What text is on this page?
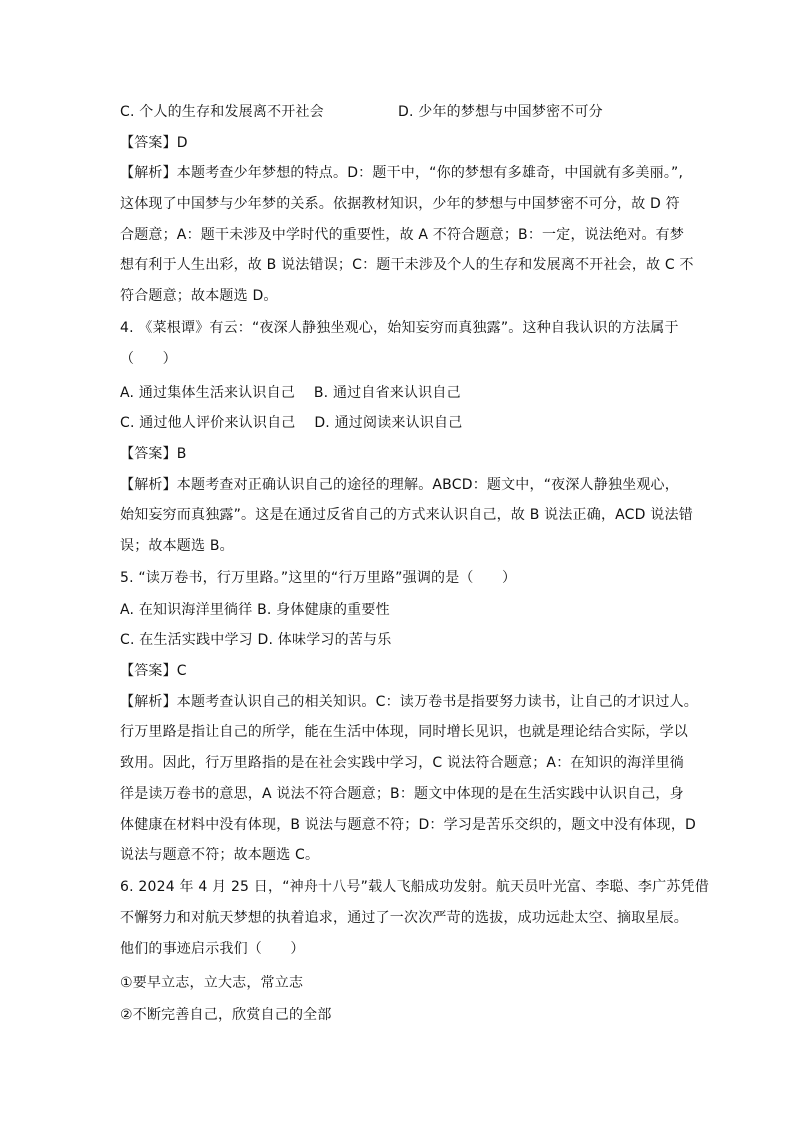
C. 个人的生存和发展离不开社会	D. 少年的梦想与中国梦密不可分
【答案】D
【解析】本题考查少年梦想的特点。D：题干中，“你的梦想有多雄奇，中国就有多美丽。”,
这体现了中国梦与少年梦的关系。依据教材知识，少年的梦想与中国梦密不可分，故 D 符
合题意；A：题干未涉及中学时代的重要性，故 A 不符合题意；B：一定，说法绝对。有梦
想有利于人生出彩，故 B 说法错误；C：题干未涉及个人的生存和发展离不开社会，故 C 不
符合题意；故本题选 D。
4. 《菜根谭》有云：“夜深人静独坐观心，始知妄穷而真独露”。这种自我认识的方法属于
（　　）
A. 通过集体生活来认识自己　 B. 通过自省来认识自己
C. 通过他人评价来认识自己　 D. 通过阅读来认识自己
【答案】B
【解析】本题考查对正确认识自己的途径的理解。ABCD：题文中，“夜深人静独坐观心，
始知妄穷而真独露”。这是在通过反省自己的方式来认识自己，故 B 说法正确，ACD 说法错
误；故本题选 B。
5. “读万卷书，行万里路。”这里的“行万里路”强调的是（　　）
A. 在知识海洋里徜徉 B. 身体健康的重要性
C. 在生活实践中学习 D. 体味学习的苦与乐
【答案】C
【解析】本题考查认识自己的相关知识。C：读万卷书是指要努力读书，让自己的才识过人。
行万里路是指让自己的所学，能在生活中体现，同时增长见识，也就是理论结合实际，学以
致用。因此，行万里路指的是在社会实践中学习，C 说法符合题意；A：在知识的海洋里徜
徉是读万卷书的意思，A 说法不符合题意；B：题文中体现的是在生活实践中认识自己，身
体健康在材料中没有体现，B 说法与题意不符；D：学习是苦乐交织的，题文中没有体现，D
说法与题意不符；故本题选 C。
6. 2024 年 4 月 25 日，“神舟十八号”载人飞船成功发射。航天员叶光富、李聪、李广苏凭借
不懈努力和对航天梦想的执着追求，通过了一次次严苛的选拔，成功远赴太空、摘取星辰。
他们的事迹启示我们（　　）
①要早立志，立大志，常立志
②不断完善自己，欣赏自己的全部
